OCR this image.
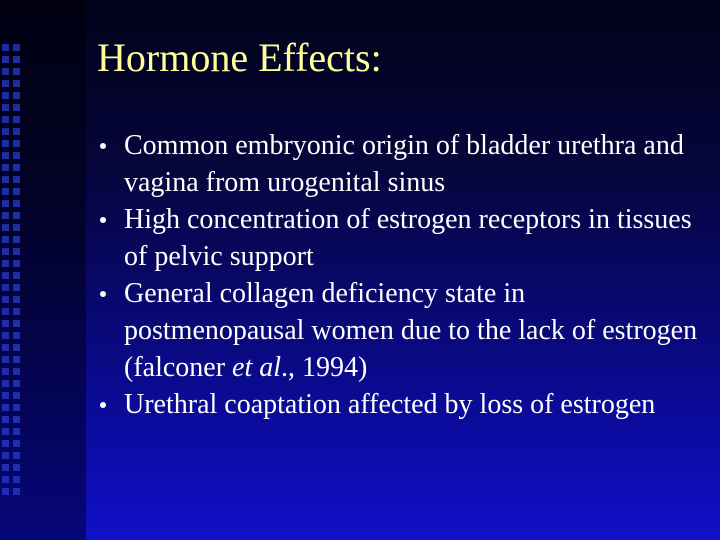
Hormone Effects:
Common embryonic origin of bladder urethra and vagina from urogenital sinus
High concentration of estrogen receptors in tissues of pelvic support
General collagen deficiency state in postmenopausal women due to the lack of estrogen (falconer et al., 1994)
Urethral coaptation affected by loss of estrogen
